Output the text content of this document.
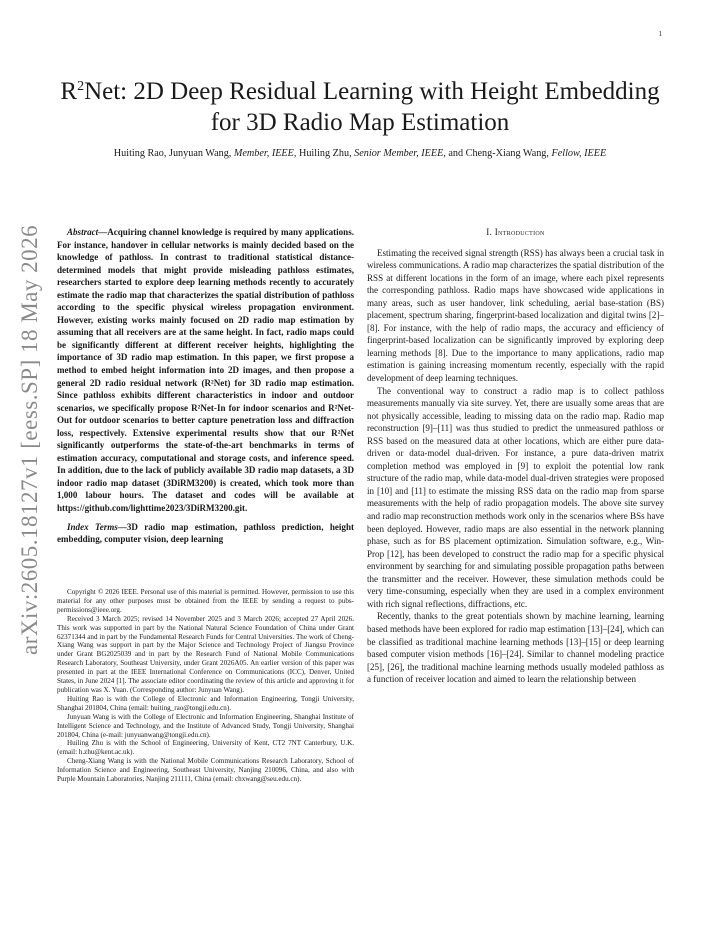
1
arXiv:2605.18127v1 [eess.SP] 18 May 2026
$R^2Net$: 2D Deep Residual Learning with Height Embedding for 3D Radio Map Estimation
Huiting Rao, Junyuan Wang, Member, IEEE, Huiling Zhu, Senior Member, IEEE, and Cheng-Xiang Wang, Fellow, IEEE

Abstract—Acquiring channel knowledge is required by many applications. For instance, handover in cellular networks is mainly decided based on the knowledge of pathloss. In contrast to traditional statistical distance-determined models that might provide misleading pathloss estimates, researchers started to explore deep learning methods recently to accurately estimate the radio map that characterizes the spatial distribution of pathloss according to the specific physical wireless propagation environment. However, existing works mainly focused on 2D radio map estimation by assuming that all receivers are at the same height. In fact, radio maps could be significantly different at different receiver heights, highlighting the importance of 3D radio map estimation. In this paper, we first propose a method to embed height information into 2D images, and then propose a general 2D radio residual network (R²Net) for 3D radio map estimation. Since pathloss exhibits different characteristics in indoor and outdoor scenarios, we specifically propose R²Net-In for indoor scenarios and R²Net-Out for outdoor scenarios to better capture penetration loss and diffraction loss, respectively. Extensive experimental results show that our R²Net significantly outperforms the state-of-the-art benchmarks in terms of estimation accuracy, computational and storage costs, and inference speed. In addition, due to the lack of publicly available 3D radio map datasets, a 3D indoor radio map dataset (3DiRM3200) is created, which took more than 1,000 labour hours. The dataset and codes will be available at https://github.com/lighttime2023/3DiRM3200.git.

Index Terms—3D radio map estimation, pathloss prediction, height embedding, computer vision, deep learning

Copyright © 2026 IEEE. Personal use of this material is permitted. However, permission to use this material for any other purposes must be obtained from the IEEE by sending a request to pubs-permissions@ieee.org.

Received 3 March 2025; revised 14 November 2025 and 3 March 2026; accepted 27 April 2026. This work was supported in part by the National Natural Science Foundation of China under Grant 62371344 and in part by the Fundamental Research Funds for Central Universities. The work of Cheng-Xiang Wang was support in part by the Major Science and Technology Project of Jiangsu Province under Grant BG2025039 and in part by the Research Fund of National Mobile Communications Research Laboratory, Southeast University, under Grant 2026A05. An earlier version of this paper was presented in part at the IEEE International Conference on Communications (ICC), Denver, United States, in June 2024 [1]. The associate editor coordinating the review of this article and approving it for publication was X. Yuan. (Corresponding author: Junyuan Wang).

Huiting Rao is with the College of Electronic and Information Engineering, Tongji University, Shanghai 201804, China (email: huiting_rao@tongji.edu.cn).

Junyuan Wang is with the College of Electronic and Information Engineering, Shanghai Institute of Intelligent Science and Technology, and the Institute of Advanced Study, Tongji University, Shanghai 201804, China (e-mail: junyuanwang@tongji.edu.cn).

Huiling Zhu is with the School of Engineering, University of Kent, CT2 7NT Canterbury, U.K. (email: h.zhu@kent.ac.uk).

Cheng-Xiang Wang is with the National Mobile Communications Research Laboratory, School of Information Science and Engineering, Southeast University, Nanjing 210096, China, and also with Purple Mountain Laboratories, Nanjing 211111, China (email: chxwang@seu.edu.cn).

I. Introduction

Estimating the received signal strength (RSS) has always been a crucial task in wireless communications. A radio map characterizes the spatial distribution of the RSS at different locations in the form of an image, where each pixel represents the corresponding pathloss. Radio maps have showcased wide applications in many areas, such as user handover, link scheduling, aerial base-station (BS) placement, spectrum sharing, fingerprint-based localization and digital twins [2]–[8]. For instance, with the help of radio maps, the accuracy and efficiency of fingerprint-based localization can be significantly improved by exploring deep learning methods [8]. Due to the importance to many applications, radio map estimation is gaining increasing momentum recently, especially with the rapid development of deep learning techniques.

The conventional way to construct a radio map is to collect pathloss measurements manually via site survey. Yet, there are usually some areas that are not physically accessible, leading to missing data on the radio map. Radio map reconstruction [9]–[11] was thus studied to predict the unmeasured pathloss or RSS based on the measured data at other locations, which are either pure data-driven or data-model dual-driven. For instance, a pure data-driven matrix completion method was employed in [9] to exploit the potential low rank structure of the radio map, while data-model dual-driven strategies were proposed in [10] and [11] to estimate the missing RSS data on the radio map from sparse measurements with the help of radio propagation models. The above site survey and radio map reconstruction methods work only in the scenarios where BSs have been deployed. However, radio maps are also essential in the network planning phase, such as for BS placement optimization. Simulation software, e.g., Win-Prop [12], has been developed to construct the radio map for a specific physical environment by searching for and simulating possible propagation paths between the transmitter and the receiver. However, these simulation methods could be very time-consuming, especially when they are used in a complex environment with rich signal reflections, diffractions, etc.

Recently, thanks to the great potentials shown by machine learning, learning based methods have been explored for radio map estimation [13]–[24], which can be classified as traditional machine learning methods [13]–[15] or deep learning based computer vision methods [16]–[24]. Similar to channel modeling practice [25], [26], the traditional machine learning methods usually modeled pathloss as a function of receiver location and aimed to learn the relationship between
